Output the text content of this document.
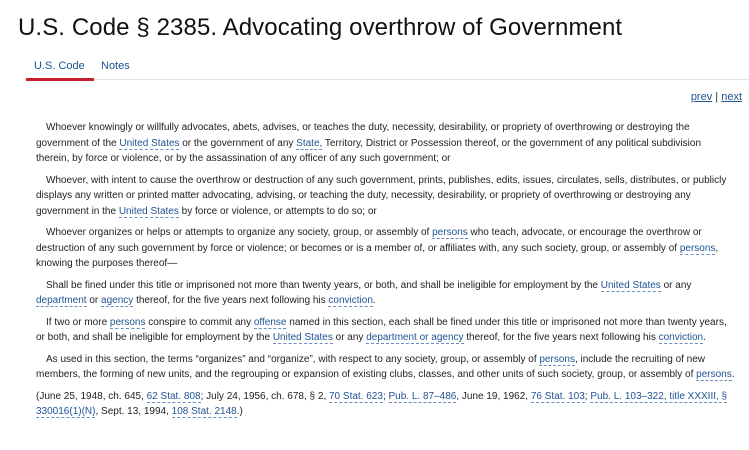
U.S. Code § 2385. Advocating overthrow of Government
U.S. Code Notes
prev | next

Whoever knowingly or willfully advocates, abets, advises, or teaches the duty, necessity, desirability, or propriety of overthrowing or destroying the government of the United States or the government of any State, Territory, District or Possession thereof, or the government of any political subdivision therein, by force or violence, or by the assassination of any officer of any such government; or

Whoever, with intent to cause the overthrow or destruction of any such government, prints, publishes, edits, issues, circulates, sells, distributes, or publicly displays any written or printed matter advocating, advising, or teaching the duty, necessity, desirability, or propriety of overthrowing or destroying any government in the United States by force or violence, or attempts to do so; or

Whoever organizes or helps or attempts to organize any society, group, or assembly of persons who teach, advocate, or encourage the overthrow or destruction of any such government by force or violence; or becomes or is a member of, or affiliates with, any such society, group, or assembly of persons, knowing the purposes thereof—

Shall be fined under this title or imprisoned not more than twenty years, or both, and shall be ineligible for employment by the United States or any department or agency thereof, for the five years next following his conviction.

If two or more persons conspire to commit any offense named in this section, each shall be fined under this title or imprisoned not more than twenty years, or both, and shall be ineligible for employment by the United States or any department or agency thereof, for the five years next following his conviction.

As used in this section, the terms “organizes” and “organize”, with respect to any society, group, or assembly of persons, include the recruiting of new members, the forming of new units, and the regrouping or expansion of existing clubs, classes, and other units of such society, group, or assembly of persons.

(June 25, 1948, ch. 645, 62 Stat. 808; July 24, 1956, ch. 678, § 2, 70 Stat. 623; Pub. L. 87–486, June 19, 1962, 76 Stat. 103; Pub. L. 103–322, title XXXIII, § 330016(1)(N), Sept. 13, 1994, 108 Stat. 2148.)
